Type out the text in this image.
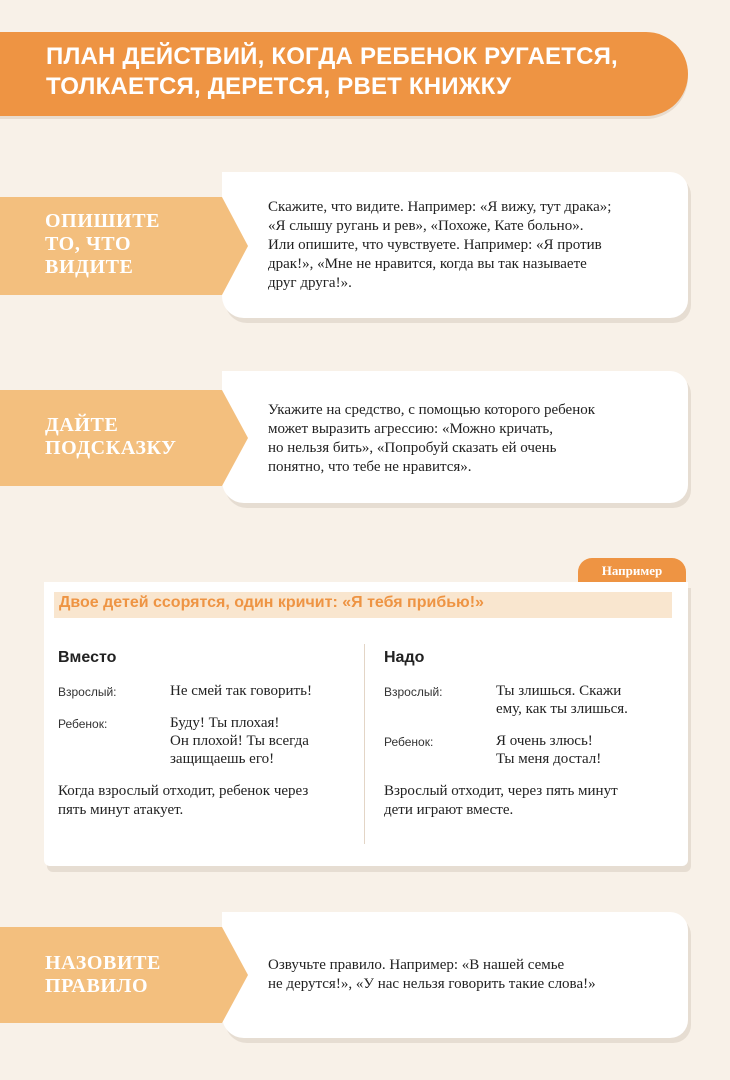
ПЛАН ДЕЙСТВИЙ, КОГДА РЕБЕНОК РУГАЕТСЯ,
ТОЛКАЕТСЯ, ДЕРЕТСЯ, РВЕТ КНИЖКУ
Скажите, что видите. Например: «Я вижу, тут драка»;
«Я слышу ругань и рев», «Похоже, Кате больно».
Или опишите, что чувствуете. Например: «Я против
драк!», «Мне не нравится, когда вы так называете
друг друга!».
ОПИШИТЕ
ТО, ЧТО
ВИДИТЕ
Укажите на средство, с помощью которого ребенок
может выразить агрессию: «Можно кричать,
но нельзя бить», «Попробуй сказать ей очень
понятно, что тебе не нравится».
ДАЙТЕ
ПОДСКАЗКУ
Например
Двое детей ссорятся, один кричит: «Я тебя прибью!»
Вместо
Взрослый:	Не смей так говорить!
Ребенок:	Буду! Ты плохая!
Он плохой! Ты всегда
защищаешь его!
Когда взрослый отходит, ребенок через
пять минут атакует.
Надо
Взрослый:	Ты злишься. Скажи
ему, как ты злишься.
Ребенок:	Я очень злюсь!
Ты меня достал!
Взрослый отходит, через пять минут
дети играют вместе.
Озвучьте правило. Например: «В нашей семье
не дерутся!», «У нас нельзя говорить такие слова!»
НАЗОВИТЕ
ПРАВИЛО
